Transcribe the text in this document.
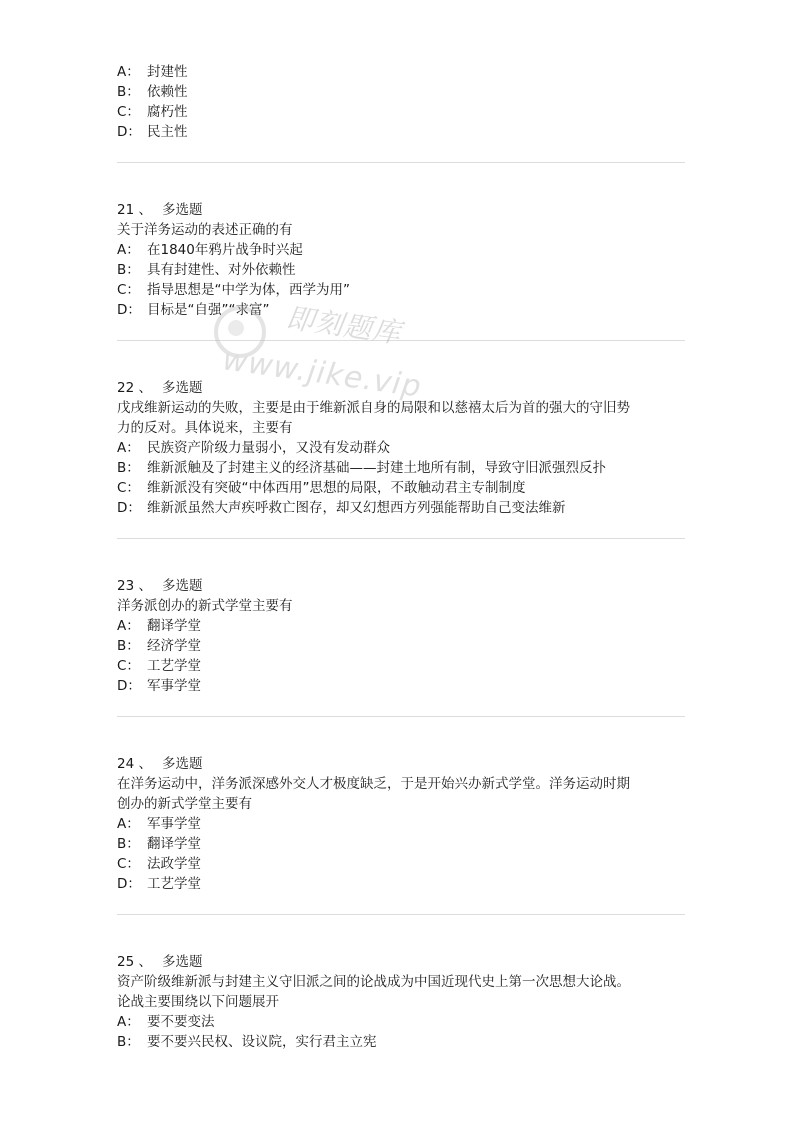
A： 封建性

B： 依赖性

C： 腐朽性

D： 民主性

21 、 多选题

关于洋务运动的表述正确的有

A： 在1840年鸦片战争时兴起

B： 具有封建性、对外依赖性

C： 指导思想是“中学为体，西学为用”

D： 目标是“自强”“求富”

22 、 多选题

戊戌维新运动的失败，主要是由于维新派自身的局限和以慈禧太后为首的强大的守旧势

力的反对。具体说来，主要有

A： 民族资产阶级力量弱小，又没有发动群众

B： 维新派触及了封建主义的经济基础——封建土地所有制，导致守旧派强烈反扑

C： 维新派没有突破“中体西用”思想的局限，不敢触动君主专制制度

D： 维新派虽然大声疾呼救亡图存，却又幻想西方列强能帮助自己变法维新

23 、 多选题

洋务派创办的新式学堂主要有

A： 翻译学堂

B： 经济学堂

C： 工艺学堂

D： 军事学堂

24 、 多选题

在洋务运动中，洋务派深感外交人才极度缺乏，于是开始兴办新式学堂。洋务运动时期

创办的新式学堂主要有

A： 军事学堂

B： 翻译学堂

C： 法政学堂

D： 工艺学堂

25 、 多选题

资产阶级维新派与封建主义守旧派之间的论战成为中国近现代史上第一次思想大论战。

论战主要围绕以下问题展开

A： 要不要变法

B： 要不要兴民权、设议院，实行君主立宪

即刻题库
www.jike.vip
